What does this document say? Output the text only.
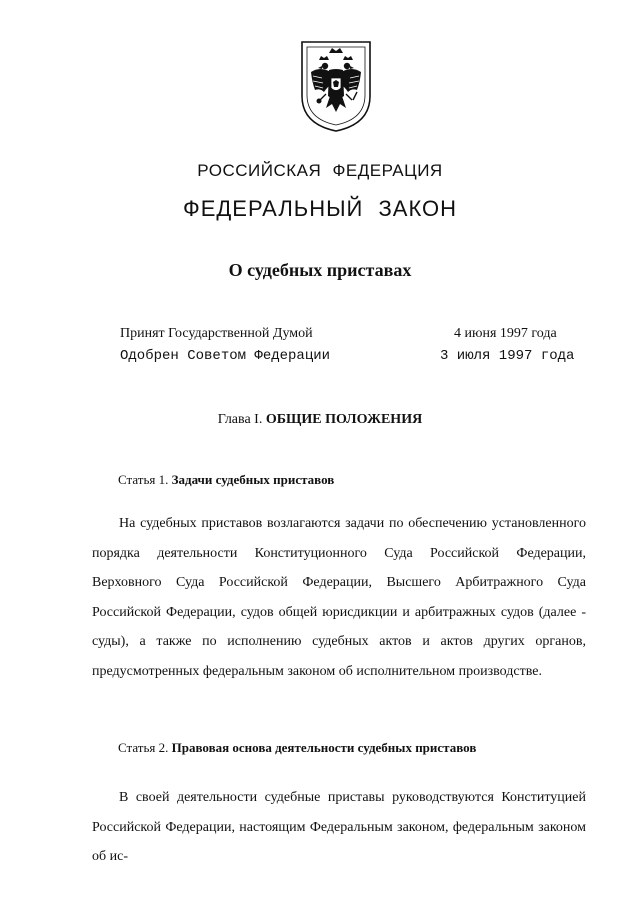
РОССИЙСКАЯ ФЕДЕРАЦИЯ
ФЕДЕРАЛЬНЫЙ ЗАКОН
О судебных приставах
Принят Государственной Думой	4 июня 1997 года
Одобрен Советом Федерации	3 июля 1997 года
Глава I. ОБЩИЕ ПОЛОЖЕНИЯ
Статья 1. Задачи судебных приставов

На судебных приставов возлагаются задачи по обеспечению установленного порядка деятельности Конституционного Суда Российской Федерации, Верховного Суда Российской Федерации, Высшего Арбитражного Суда Российской Федерации, судов общей юрисдикции и арбитражных судов (далее - суды), а также по исполнению судебных актов и актов других органов, предусмотренных федеральным законом об исполнительном производстве.

Статья 2. Правовая основа деятельности судебных приставов

В своей деятельности судебные приставы руководствуются Конституцией Российской Федерации, настоящим Федеральным законом, федеральным законом об ис-
